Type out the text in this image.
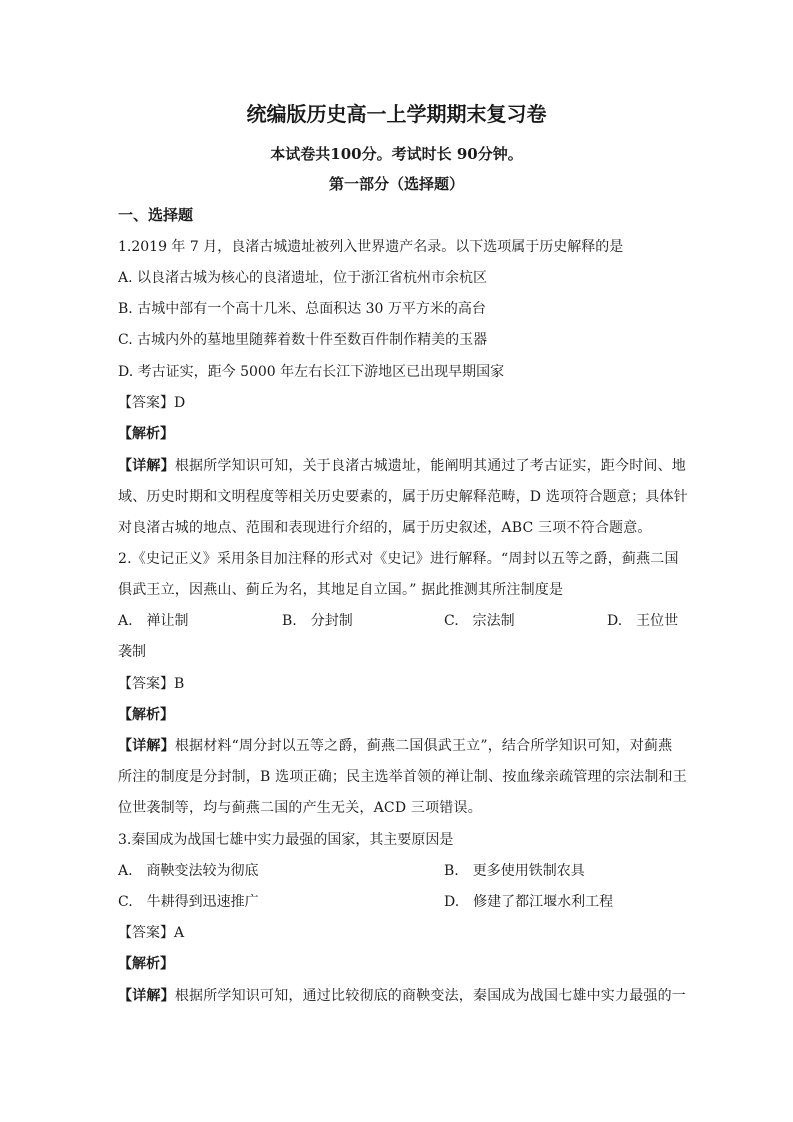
统编版历史高一上学期期末复习卷
本试卷共100分。考试时长 90分钟。
第一部分（选择题）
一、选择题
1.2019 年 7 月，良渚古城遗址被列入世界遗产名录。以下选项属于历史解释的是
A. 以良渚古城为核心的良渚遗址，位于浙江省杭州市余杭区
B. 古城中部有一个高十几米、总面积达 30 万平方米的高台
C. 古城内外的墓地里随葬着数十件至数百件制作精美的玉器
D. 考古证实，距今 5000 年左右长江下游地区已出现早期国家
【答案】D
【解析】
【详解】根据所学知识可知，关于良渚古城遗址，能阐明其通过了考古证实，距今时间、地
域、历史时期和文明程度等相关历史要素的，属于历史解释范畴，D 选项符合题意；具体针
对良渚古城的地点、范围和表现进行介绍的，属于历史叙述，ABC 三项不符合题意。
2.《史记正义》采用条目加注释的形式对《史记》进行解释。“周封以五等之爵，蓟燕二国
俱武王立，因燕山、蓟丘为名，其地足自立国。” 据此推测其所注制度是
A.　禅让制	B.　分封制	C.　宗法制	D.　王位世
袭制
【答案】B
【解析】
【详解】根据材料“周分封以五等之爵，蓟燕二国俱武王立”，结合所学知识可知，对蓟燕
所注的制度是分封制，B 选项正确；民主选举首领的禅让制、按血缘亲疏管理的宗法制和王
位世袭制等，均与蓟燕二国的产生无关，ACD 三项错误。
3.秦国成为战国七雄中实力最强的国家，其主要原因是
A.　商鞅变法较为彻底	B.　更多使用铁制农具
C.　牛耕得到迅速推广	D.　修建了都江堰水利工程
【答案】A
【解析】
【详解】根据所学知识可知，通过比较彻底的商鞅变法，秦国成为战国七雄中实力最强的一
